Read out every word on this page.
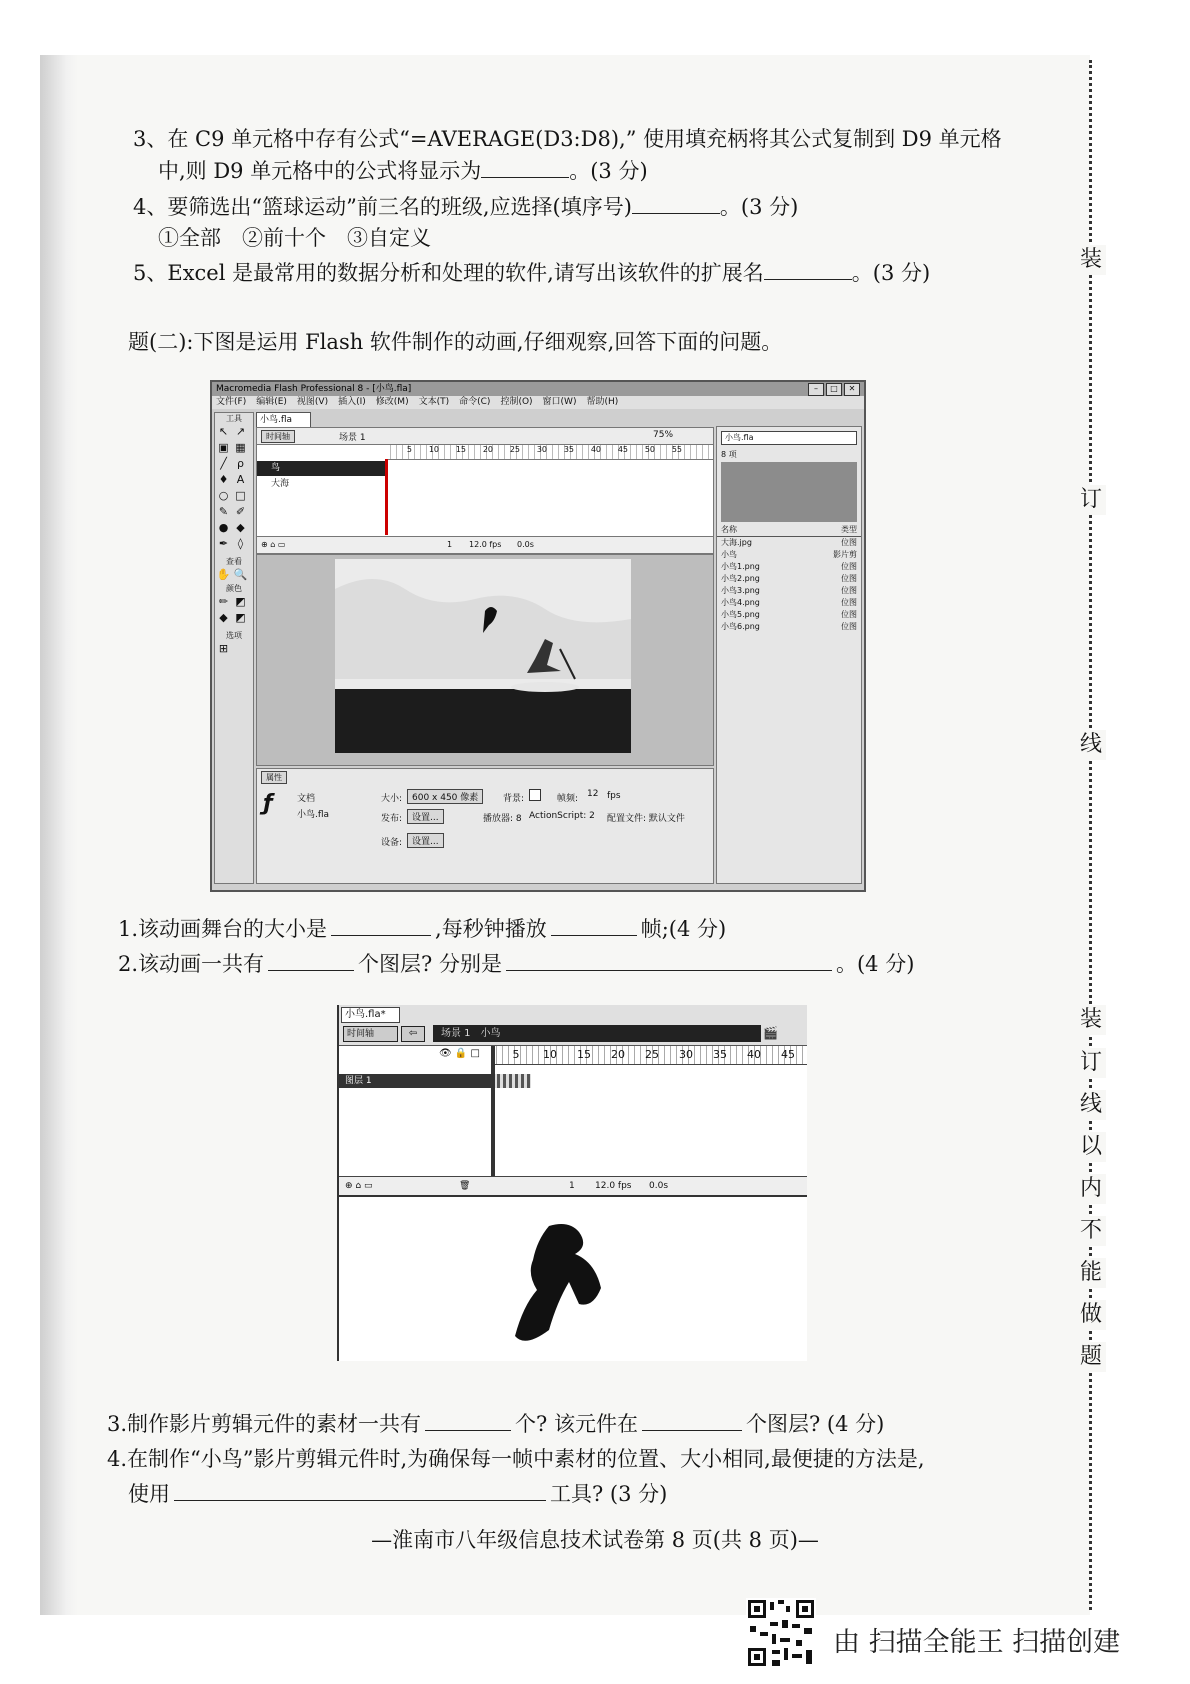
3、在 C9 单元格中存有公式“=AVERAGE(D3:D8),” 使用填充柄将其公式复制到 D9 单元格
中,则 D9 单元格中的公式将显示为	。(3 分)
4、要筛选出“篮球运动”前三名的班级,应选择(填序号)	。(3 分)
①全部　②前十个　③自定义
5、Excel 是最常用的数据分析和处理的软件,请写出该软件的扩展名	。(3 分)
题(二):下图是运用 Flash 软件制作的动画,仔细观察,回答下面的问题。
Macromedia Flash Professional 8 - [小鸟.fla]	–	□	✕
文件(F) 编辑(E) 视图(V) 插入(I) 修改(M) 文本(T) 命令(C) 控制(O) 窗口(W) 帮助(H)
工具
↖ ↗ ▣ ▦ ╱ ρ ♦ A ○ □ ✎ ✐ ● ◆ ✒ ◊
查看
✋ 🔍
颜色
✏ ◩ ◆ ◩
选项
⊞
小鸟.fla
时间轴	场景 1	75%
5	10	15	20	25	30	35	40	45	50	55
鸟
大海
⊕ ⌂ ▭	1 12.0 fps 0.0s
小鸟.fla
8 项
名称	类型
大海.jpg	位图
小鸟	影片剪
小鸟1.png	位图
小鸟2.png	位图
小鸟3.png	位图
小鸟4.png	位图
小鸟5.png	位图
小鸟6.png	位图
属性
ƒ	文档
小鸟.fla
大小:	600 x 450 像素	背景:	帧频: 12 fps
发布:	设置...	播放器: 8 ActionScript: 2 配置文件: 默认文件
设备:	设置...
1.该动画舞台的大小是	,每秒钟播放	帧;(4 分)
2.该动画一共有	个图层? 分别是	。(4 分)
小鸟.fla*
时间轴	⇦	场景 1　小鸟	🎬
5	10	15	20	25	30	35	40	45
👁 🔒 □
图层 1
⊕ ⌂ ▭	🗑	1 12.0 fps 0.0s
3.制作影片剪辑元件的素材一共有	个? 该元件在	个图层? (4 分)
4.在制作“小鸟”影片剪辑元件时,为确保每一帧中素材的位置、大小相同,最便捷的方法是,
使用	工具? (3 分)
—淮南市八年级信息技术试卷第 8 页(共 8 页)—
装
订
线
装
订
线
以
内
不
能
做
题
由 扫描全能王 扫描创建
